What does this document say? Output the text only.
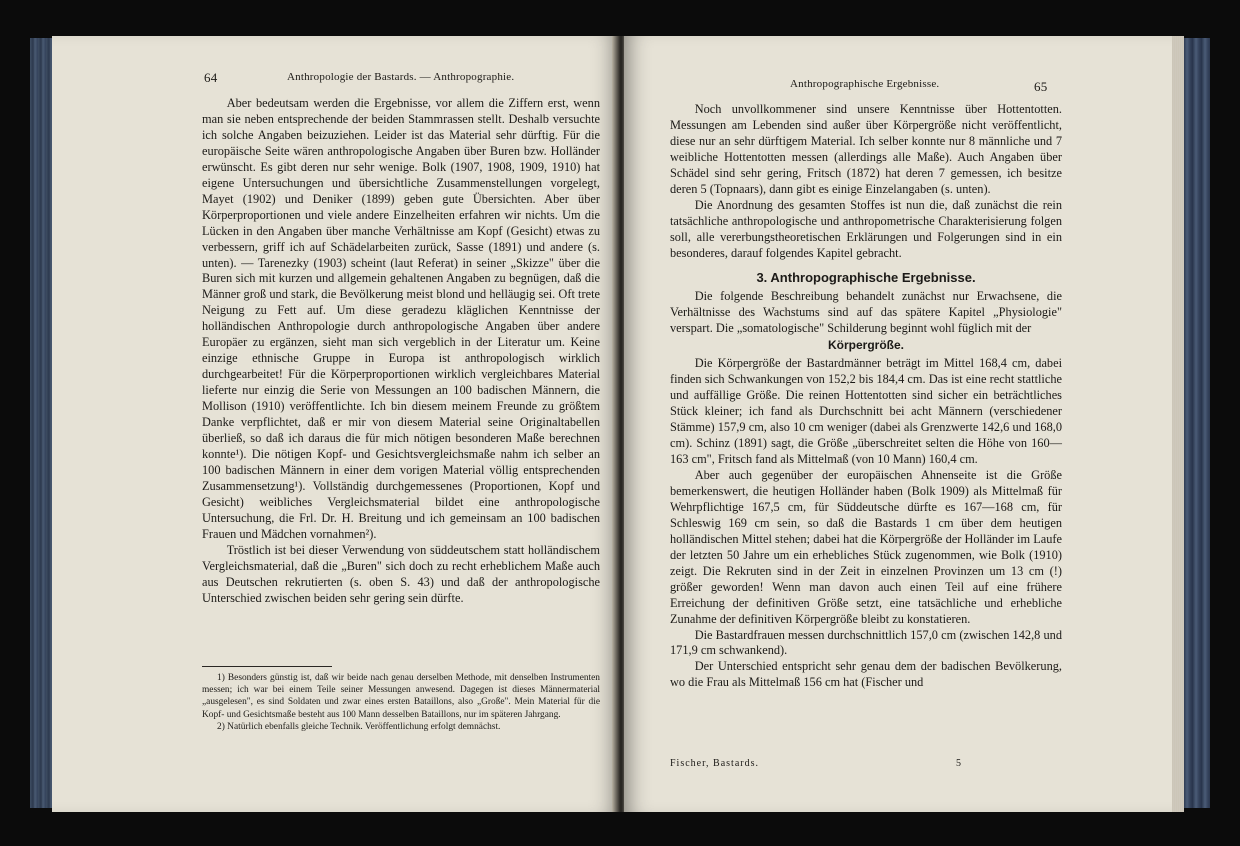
64	Anthropologie der Bastards. — Anthropographie.

Aber bedeutsam werden die Ergebnisse, vor allem die Ziffern erst, wenn man sie neben entsprechende der beiden Stammrassen stellt. Deshalb versuchte ich solche Angaben beizuziehen. Leider ist das Material sehr dürftig. Für die europäische Seite wären anthropologische Angaben über Buren bzw. Holländer erwünscht. Es gibt deren nur sehr wenige. Bolk (1907, 1908, 1909, 1910) hat eigene Untersuchungen und übersichtliche Zusammenstellungen vorgelegt, Mayet (1902) und Deniker (1899) geben gute Übersichten. Aber über Körperproportionen und viele andere Einzelheiten erfahren wir nichts. Um die Lücken in den Angaben über manche Verhältnisse am Kopf (Gesicht) etwas zu verbessern, griff ich auf Schädelarbeiten zurück, Sasse (1891) und andere (s. unten). — Tarenezky (1903) scheint (laut Referat) in seiner „Skizze" über die Buren sich mit kurzen und allgemein gehaltenen Angaben zu begnügen, daß die Männer groß und stark, die Bevölkerung meist blond und helläugig sei. Oft trete Neigung zu Fett auf. Um diese geradezu kläglichen Kenntnisse der holländischen Anthropologie durch anthropologische Angaben über andere Europäer zu ergänzen, sieht man sich vergeblich in der Literatur um. Keine einzige ethnische Gruppe in Europa ist anthropologisch wirklich durchgearbeitet! Für die Körperproportionen wirklich vergleichbares Material lieferte nur einzig die Serie von Messungen an 100 badischen Männern, die Mollison (1910) veröffentlichte. Ich bin diesem meinem Freunde zu größtem Danke verpflichtet, daß er mir von diesem Material seine Originaltabellen überließ, so daß ich daraus die für mich nötigen besonderen Maße berechnen konnte¹). Die nötigen Kopf- und Gesichtsvergleichsmaße nahm ich selber an 100 badischen Männern in einer dem vorigen Material völlig entsprechenden Zusammensetzung¹). Vollständig durchgemessenes (Proportionen, Kopf und Gesicht) weibliches Vergleichsmaterial bildet eine anthropologische Untersuchung, die Frl. Dr. H. Breitung und ich gemeinsam an 100 badischen Frauen und Mädchen vornahmen²).

Tröstlich ist bei dieser Verwendung von süddeutschem statt holländischem Vergleichsmaterial, daß die „Buren" sich doch zu recht erheblichem Maße auch aus Deutschen rekrutierten (s. oben S. 43) und daß der anthropologische Unterschied zwischen beiden sehr gering sein dürfte.

1) Besonders günstig ist, daß wir beide nach genau derselben Methode, mit denselben Instrumenten messen; ich war bei einem Teile seiner Messungen anwesend. Dagegen ist dieses Männermaterial „ausgelesen", es sind Soldaten und zwar eines ersten Bataillons, also „Große". Mein Material für die Kopf- und Gesichtsmaße besteht aus 100 Mann desselben Bataillons, nur im späteren Jahrgang.

2) Natürlich ebenfalls gleiche Technik. Veröffentlichung erfolgt demnächst.

Anthropographische Ergebnisse.	65

Noch unvollkommener sind unsere Kenntnisse über Hottentotten. Messungen am Lebenden sind außer über Körpergröße nicht veröffentlicht, diese nur an sehr dürftigem Material. Ich selber konnte nur 8 männliche und 7 weibliche Hottentotten messen (allerdings alle Maße). Auch Angaben über Schädel sind sehr gering, Fritsch (1872) hat deren 7 gemessen, ich besitze deren 5 (Topnaars), dann gibt es einige Einzelangaben (s. unten).

Die Anordnung des gesamten Stoffes ist nun die, daß zunächst die rein tatsächliche anthropologische und anthropometrische Charakterisierung folgen soll, alle vererbungstheoretischen Erklärungen und Folgerungen sind in ein besonderes, darauf folgendes Kapitel gebracht.

3. Anthropographische Ergebnisse.

Die folgende Beschreibung behandelt zunächst nur Erwachsene, die Verhältnisse des Wachstums sind auf das spätere Kapitel „Physiologie" verspart. Die „somatologische" Schilderung beginnt wohl füglich mit der

Körpergröße.

Die Körpergröße der Bastardmänner beträgt im Mittel 168,4 cm, dabei finden sich Schwankungen von 152,2 bis 184,4 cm. Das ist eine recht stattliche und auffällige Größe. Die reinen Hottentotten sind sicher ein beträchtliches Stück kleiner; ich fand als Durchschnitt bei acht Männern (verschiedener Stämme) 157,9 cm, also 10 cm weniger (dabei als Grenzwerte 142,6 und 168,0 cm). Schinz (1891) sagt, die Größe „überschreitet selten die Höhe von 160—163 cm", Fritsch fand als Mittelmaß (von 10 Mann) 160,4 cm.

Aber auch gegenüber der europäischen Ahnenseite ist die Größe bemerkenswert, die heutigen Holländer haben (Bolk 1909) als Mittelmaß für Wehrpflichtige 167,5 cm, für Süddeutsche dürfte es 167—168 cm, für Schleswig 169 cm sein, so daß die Bastards 1 cm über dem heutigen holländischen Mittel stehen; dabei hat die Körpergröße der Holländer im Laufe der letzten 50 Jahre um ein erhebliches Stück zugenommen, wie Bolk (1910) zeigt. Die Rekruten sind in der Zeit in einzelnen Provinzen um 13 cm (!) größer geworden! Wenn man davon auch einen Teil auf eine frühere Erreichung der definitiven Größe setzt, eine tatsächliche und erhebliche Zunahme der definitiven Körpergröße bleibt zu konstatieren.

Die Bastardfrauen messen durchschnittlich 157,0 cm (zwischen 142,8 und 171,9 cm schwankend).

Der Unterschied entspricht sehr genau dem der badischen Bevölkerung, wo die Frau als Mittelmaß 156 cm hat (Fischer und

Fischer, Bastards.	5
